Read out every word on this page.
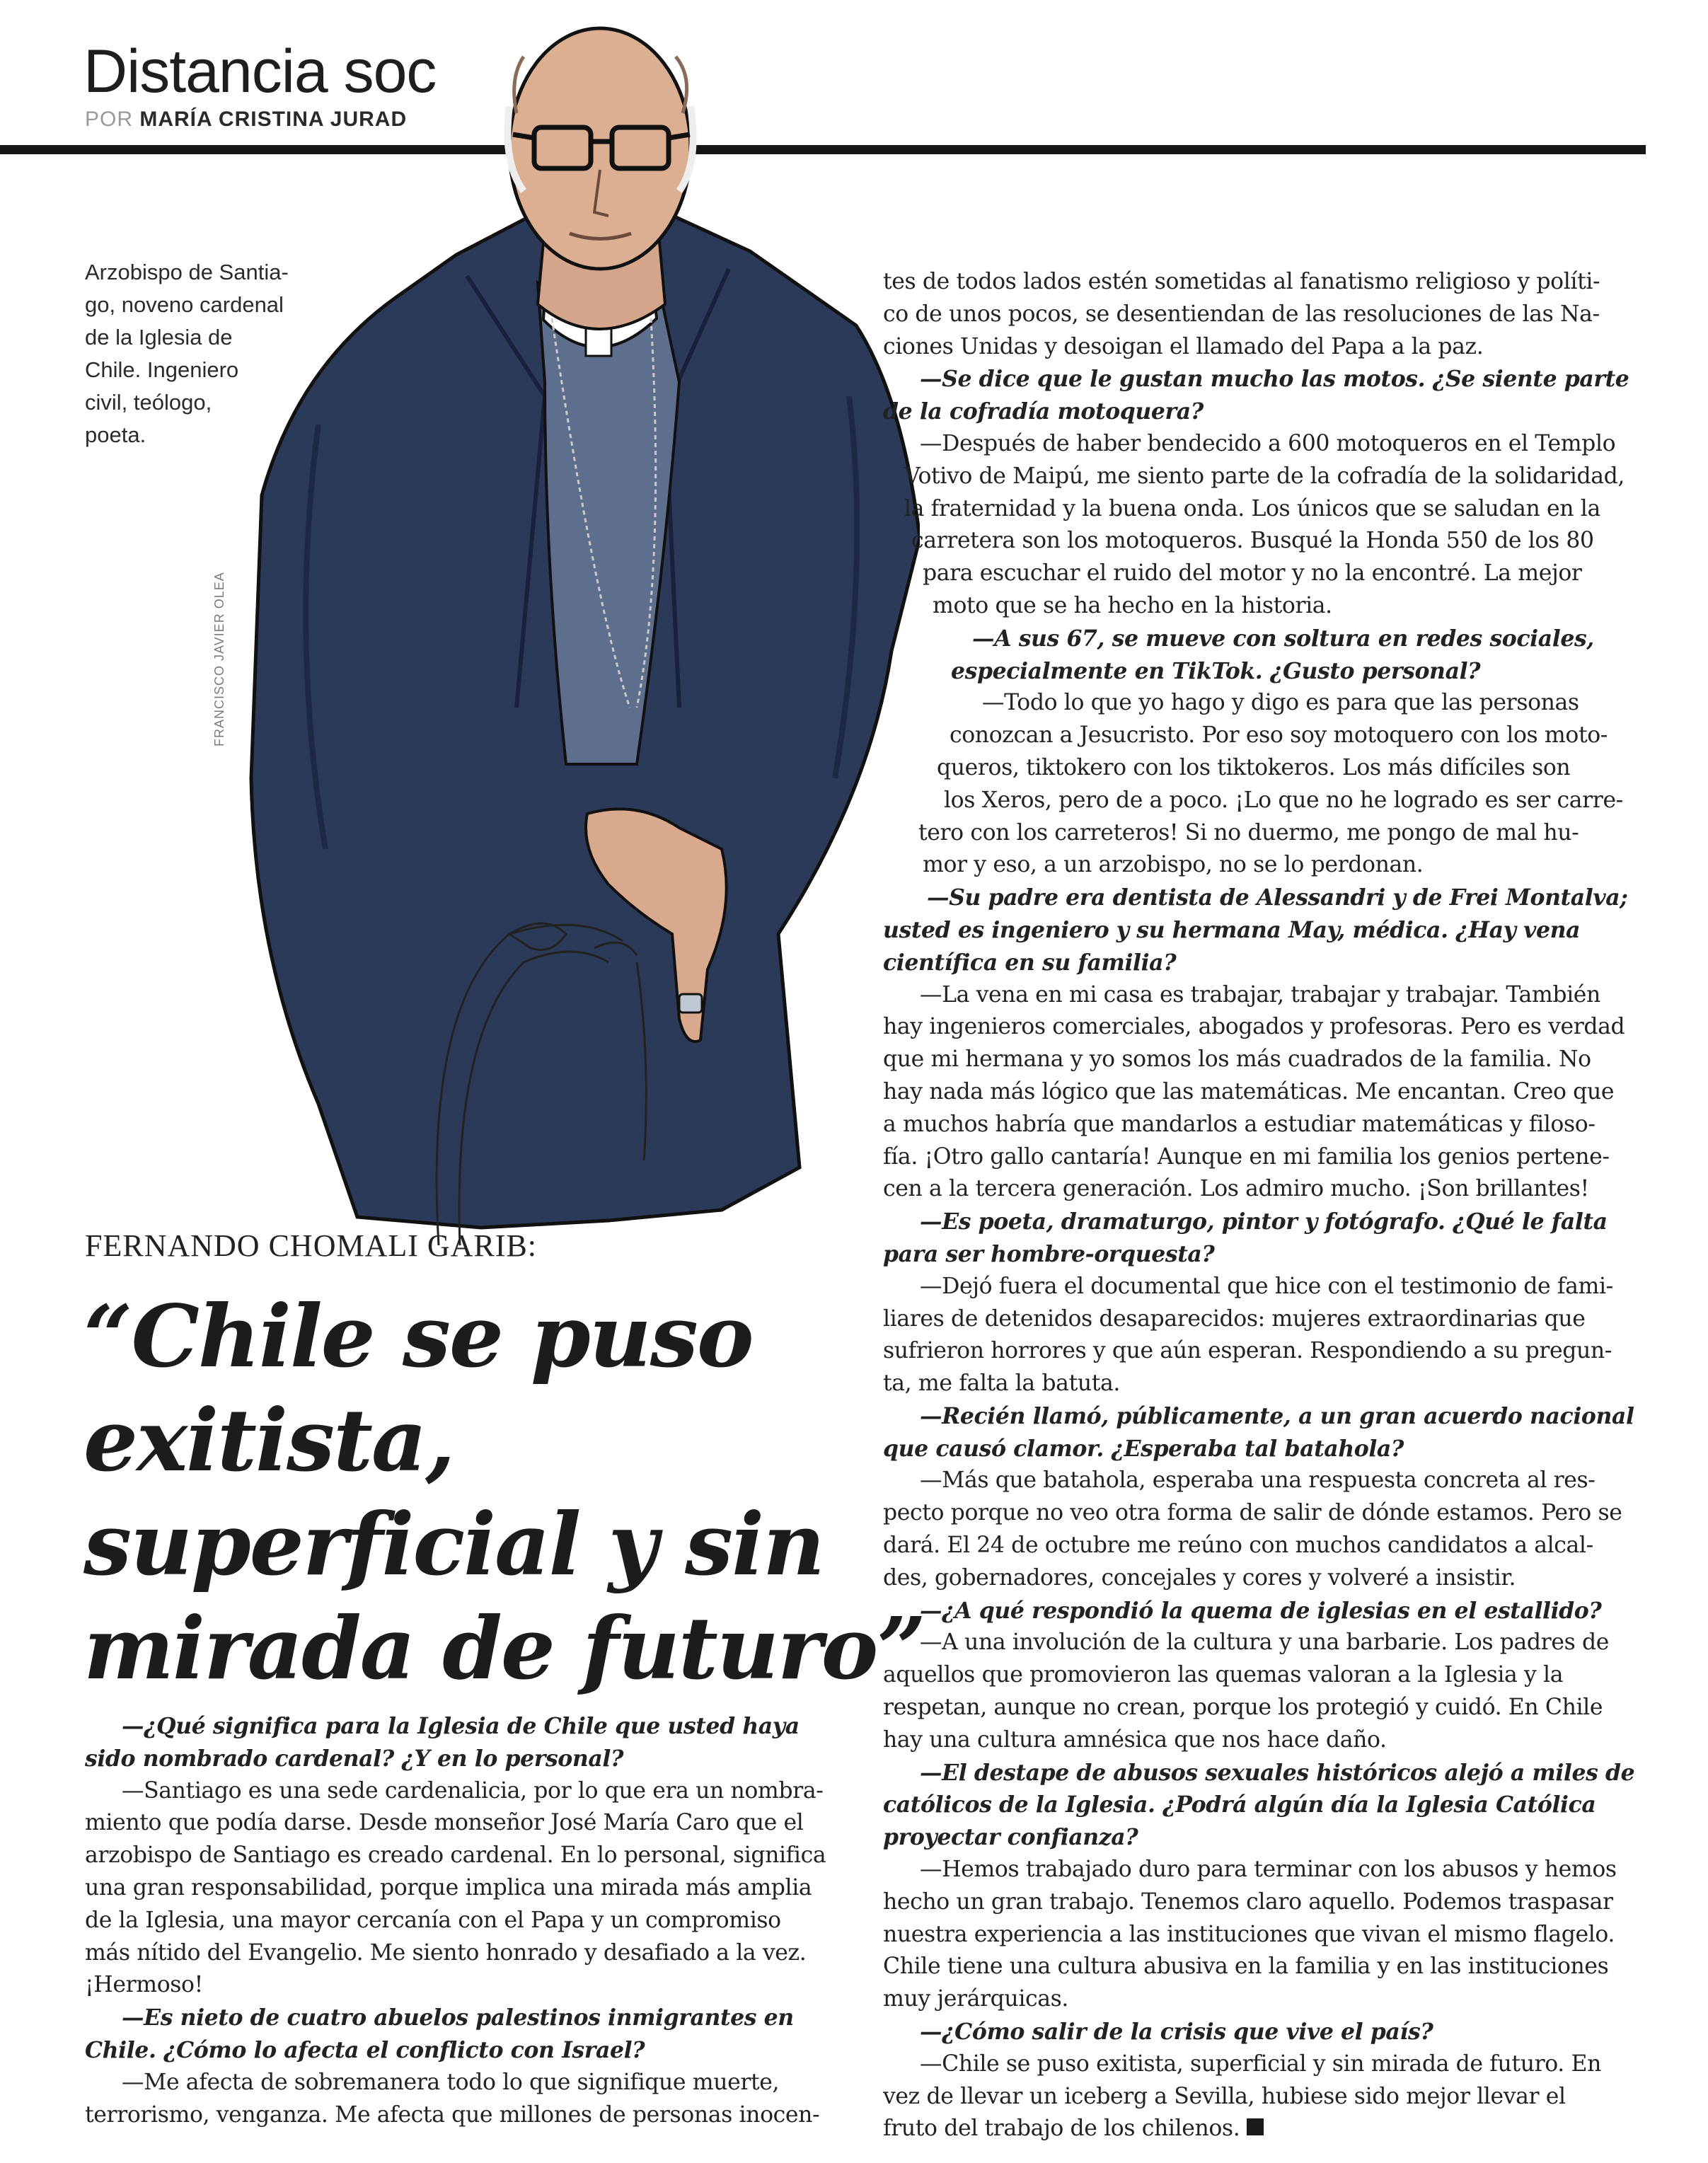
Distancia soc
POR MARÍA CRISTINA JURAD
Arzobispo de Santia-
go, noveno cardenal
de la Iglesia de
Chile. Ingeniero
civil, teólogo,
poeta.
FRANCISCO JAVIER OLEA
FERNANDO CHOMALI GARIB:
“Chile se puso
exitista,
superficial y sin
mirada de futuro”
—¿Qué significa para la Iglesia de Chile que usted haya
sido nombrado cardenal? ¿Y en lo personal?
—Santiago es una sede cardenalicia, por lo que era un nombra-
miento que podía darse. Desde monseñor José María Caro que el
arzobispo de Santiago es creado cardenal. En lo personal, significa
una gran responsabilidad, porque implica una mirada más amplia
de la Iglesia, una mayor cercanía con el Papa y un compromiso
más nítido del Evangelio. Me siento honrado y desafiado a la vez.
¡Hermoso!
—Es nieto de cuatro abuelos palestinos inmigrantes en
Chile. ¿Cómo lo afecta el conflicto con Israel?
—Me afecta de sobremanera todo lo que signifique muerte,
terrorismo, venganza. Me afecta que millones de personas inocen-
tes de todos lados estén sometidas al fanatismo religioso y políti-
co de unos pocos, se desentiendan de las resoluciones de las Na-
ciones Unidas y desoigan el llamado del Papa a la paz.
—Se dice que le gustan mucho las motos. ¿Se siente parte
de la cofradía motoquera?
—Después de haber bendecido a 600 motoqueros en el Templo
Votivo de Maipú, me siento parte de la cofradía de la solidaridad,
la fraternidad y la buena onda. Los únicos que se saludan en la
carretera son los motoqueros. Busqué la Honda 550 de los 80
para escuchar el ruido del motor y no la encontré. La mejor
moto que se ha hecho en la historia.
—A sus 67, se mueve con soltura en redes sociales,
especialmente en TikTok. ¿Gusto personal?
—Todo lo que yo hago y digo es para que las personas
conozcan a Jesucristo. Por eso soy motoquero con los moto-
queros, tiktokero con los tiktokeros. Los más difíciles son
los Xeros, pero de a poco. ¡Lo que no he logrado es ser carre-
tero con los carreteros! Si no duermo, me pongo de mal hu-
mor y eso, a un arzobispo, no se lo perdonan.
—Su padre era dentista de Alessandri y de Frei Montalva;
usted es ingeniero y su hermana May, médica. ¿Hay vena
científica en su familia?
—La vena en mi casa es trabajar, trabajar y trabajar. También
hay ingenieros comerciales, abogados y profesoras. Pero es verdad
que mi hermana y yo somos los más cuadrados de la familia. No
hay nada más lógico que las matemáticas. Me encantan. Creo que
a muchos habría que mandarlos a estudiar matemáticas y filoso-
fía. ¡Otro gallo cantaría! Aunque en mi familia los genios pertene-
cen a la tercera generación. Los admiro mucho. ¡Son brillantes!
—Es poeta, dramaturgo, pintor y fotógrafo. ¿Qué le falta
para ser hombre-orquesta?
—Dejó fuera el documental que hice con el testimonio de fami-
liares de detenidos desaparecidos: mujeres extraordinarias que
sufrieron horrores y que aún esperan. Respondiendo a su pregun-
ta, me falta la batuta.
—Recién llamó, públicamente, a un gran acuerdo nacional
que causó clamor. ¿Esperaba tal batahola?
—Más que batahola, esperaba una respuesta concreta al res-
pecto porque no veo otra forma de salir de dónde estamos. Pero se
dará. El 24 de octubre me reúno con muchos candidatos a alcal-
des, gobernadores, concejales y cores y volveré a insistir.
—¿A qué respondió la quema de iglesias en el estallido?
—A una involución de la cultura y una barbarie. Los padres de
aquellos que promovieron las quemas valoran a la Iglesia y la
respetan, aunque no crean, porque los protegió y cuidó. En Chile
hay una cultura amnésica que nos hace daño.
—El destape de abusos sexuales históricos alejó a miles de
católicos de la Iglesia. ¿Podrá algún día la Iglesia Católica
proyectar confianza?
—Hemos trabajado duro para terminar con los abusos y hemos
hecho un gran trabajo. Tenemos claro aquello. Podemos traspasar
nuestra experiencia a las instituciones que vivan el mismo flagelo.
Chile tiene una cultura abusiva en la familia y en las instituciones
muy jerárquicas.
—¿Cómo salir de la crisis que vive el país?
—Chile se puso exitista, superficial y sin mirada de futuro. En
vez de llevar un iceberg a Sevilla, hubiese sido mejor llevar el
fruto del trabajo de los chilenos.
